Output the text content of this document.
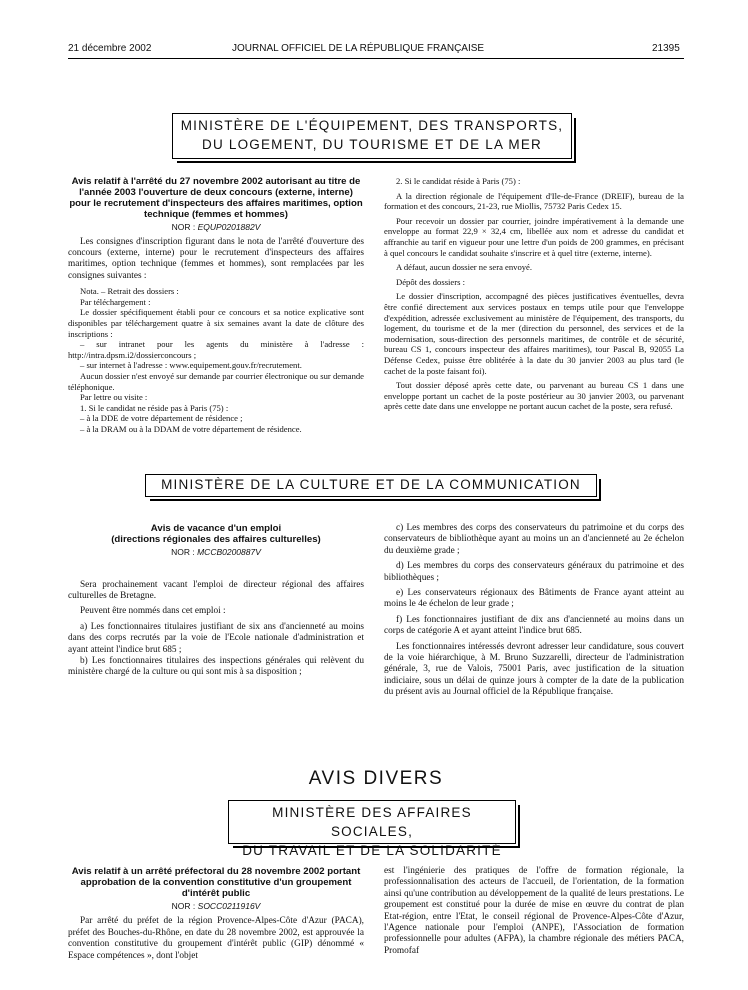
21 décembre 2002	JOURNAL OFFICIEL DE LA RÉPUBLIQUE FRANÇAISE	21395
MINISTÈRE DE L'ÉQUIPEMENT, DES TRANSPORTS,
DU LOGEMENT, DU TOURISME ET DE LA MER
Avis relatif à l'arrêté du 27 novembre 2002 autorisant au titre de l'année 2003 l'ouverture de deux concours (externe, interne) pour le recrutement d'inspecteurs des affaires maritimes, option technique (femmes et hommes)
NOR : EQUP0201882V

Les consignes d'inscription figurant dans le nota de l'arrêté d'ouverture des concours (externe, interne) pour le recrutement d'inspecteurs des affaires maritimes, option technique (femmes et hommes), sont remplacées par les consignes suivantes :

Nota. – Retrait des dossiers :

Par téléchargement :

Le dossier spécifiquement établi pour ce concours et sa notice explicative sont disponibles par téléchargement quatre à six semaines avant la date de clôture des inscriptions :

– sur intranet pour les agents du ministère à l'adresse : http://intra.dpsm.i2/dossierconcours ;

– sur internet à l'adresse : www.equipement.gouv.fr/recrutement.

Aucun dossier n'est envoyé sur demande par courrier électronique ou sur demande téléphonique.

Par lettre ou visite :

1. Si le candidat ne réside pas à Paris (75) :

– à la DDE de votre département de résidence ;

– à la DRAM ou à la DDAM de votre département de résidence.

2. Si le candidat réside à Paris (75) :

A la direction régionale de l'équipement d'Ile-de-France (DREIF), bureau de la formation et des concours, 21-23, rue Miollis, 75732 Paris Cedex 15.

Pour recevoir un dossier par courrier, joindre impérativement à la demande une enveloppe au format 22,9 × 32,4 cm, libellée aux nom et adresse du candidat et affranchie au tarif en vigueur pour une lettre d'un poids de 200 grammes, en précisant à quel concours le candidat souhaite s'inscrire et à quel titre (externe, interne).

A défaut, aucun dossier ne sera envoyé.

Dépôt des dossiers :

Le dossier d'inscription, accompagné des pièces justificatives éventuelles, devra être confié directement aux services postaux en temps utile pour que l'enveloppe d'expédition, adressée exclusivement au ministère de l'équipement, des transports, du logement, du tourisme et de la mer (direction du personnel, des services et de la modernisation, sous-direction des personnels maritimes, de contrôle et de sécurité, bureau CS 1, concours inspecteur des affaires maritimes), tour Pascal B, 92055 La Défense Cedex, puisse être oblitérée à la date du 30 janvier 2003 au plus tard (le cachet de la poste faisant foi).

Tout dossier déposé après cette date, ou parvenant au bureau CS 1 dans une enveloppe portant un cachet de la poste postérieur au 30 janvier 2003, ou parvenant après cette date dans une enveloppe ne portant aucun cachet de la poste, sera refusé.

MINISTÈRE DE LA CULTURE ET DE LA COMMUNICATION
Avis de vacance d'un emploi
(directions régionales des affaires culturelles)
NOR : MCCB0200887V

Sera prochainement vacant l'emploi de directeur régional des affaires culturelles de Bretagne.

Peuvent être nommés dans cet emploi :

a) Les fonctionnaires titulaires justifiant de six ans d'ancienneté au moins dans des corps recrutés par la voie de l'Ecole nationale d'administration et ayant atteint l'indice brut 685 ;

b) Les fonctionnaires titulaires des inspections générales qui relèvent du ministère chargé de la culture ou qui sont mis à sa disposition ;

c) Les membres des corps des conservateurs du patrimoine et du corps des conservateurs de bibliothèque ayant au moins un an d'ancienneté au 2e échelon du deuxième grade ;

d) Les membres du corps des conservateurs généraux du patrimoine et des bibliothèques ;

e) Les conservateurs régionaux des Bâtiments de France ayant atteint au moins le 4e échelon de leur grade ;

f) Les fonctionnaires justifiant de dix ans d'ancienneté au moins dans un corps de catégorie A et ayant atteint l'indice brut 685.

Les fonctionnaires intéressés devront adresser leur candidature, sous couvert de la voie hiérarchique, à M. Bruno Suzzarelli, directeur de l'administration générale, 3, rue de Valois, 75001 Paris, avec justification de la situation indiciaire, sous un délai de quinze jours à compter de la date de la publication du présent avis au Journal officiel de la République française.

AVIS DIVERS
MINISTÈRE DES AFFAIRES SOCIALES,
DU TRAVAIL ET DE LA SOLIDARITÉ
Avis relatif à un arrêté préfectoral du 28 novembre 2002 portant approbation de la convention constitutive d'un groupement d'intérêt public
NOR : SOCC0211916V

Par arrêté du préfet de la région Provence-Alpes-Côte d'Azur (PACA), préfet des Bouches-du-Rhône, en date du 28 novembre 2002, est approuvée la convention constitutive du groupement d'intérêt public (GIP) dénommé « Espace compétences », dont l'objet

est l'ingénierie des pratiques de l'offre de formation régionale, la professionnalisation des acteurs de l'accueil, de l'orientation, de la formation ainsi qu'une contribution au développement de la qualité de leurs prestations. Le groupement est constitué pour la durée de mise en œuvre du contrat de plan Etat-région, entre l'Etat, le conseil régional de Provence-Alpes-Côte d'Azur, l'Agence nationale pour l'emploi (ANPE), l'Association de formation professionnelle pour adultes (AFPA), la chambre régionale des métiers PACA, Promofaf
